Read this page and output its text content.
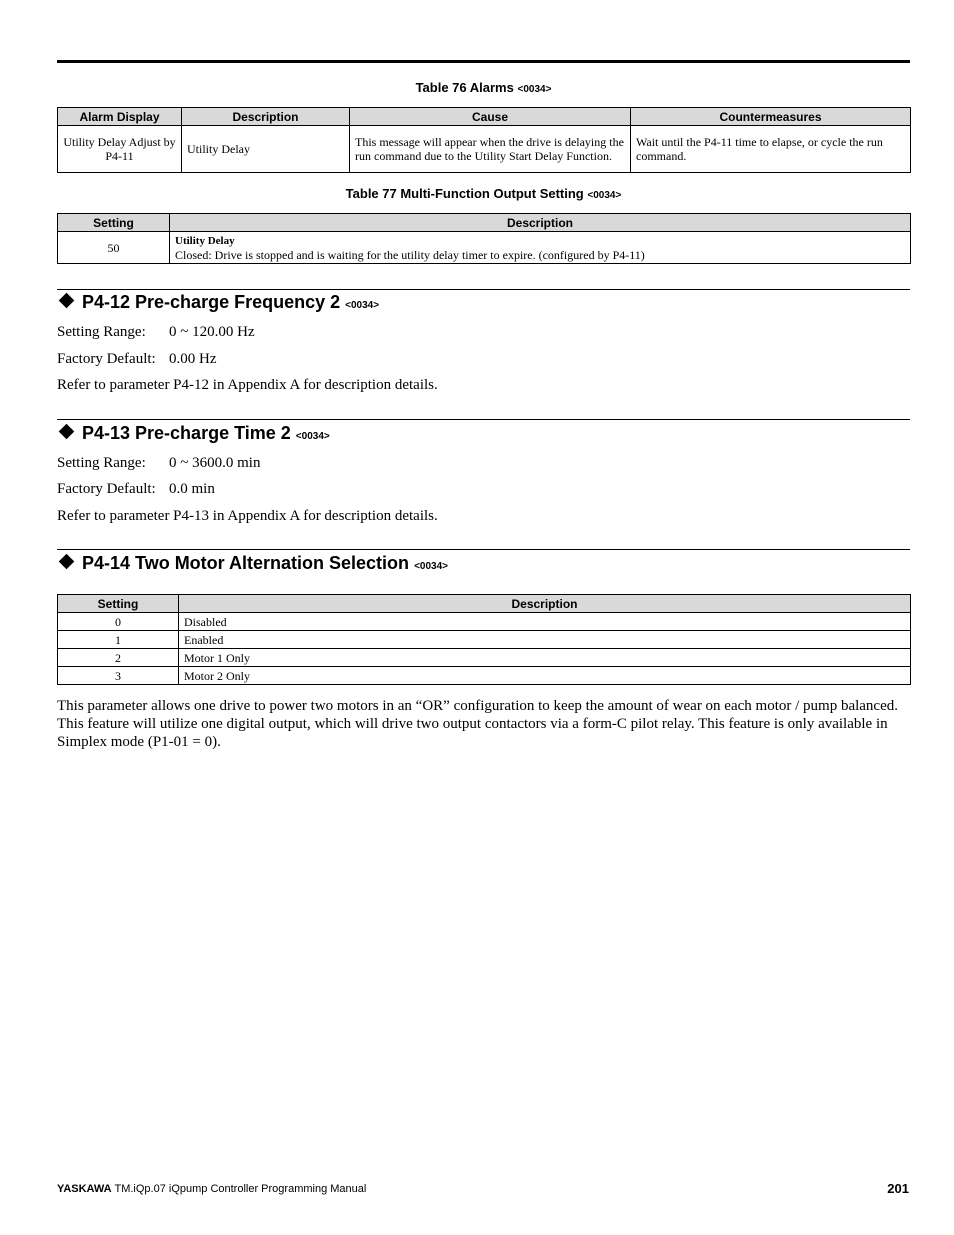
Table 76 Alarms <0034>
Alarm Display	Description	Cause	Countermeasures
Utility Delay Adjust by P4-11	Utility Delay	This message will appear when the drive is delaying the run command due to the Utility Start Delay Function.	Wait until the P4-11 time to elapse, or cycle the run command.
Table 77 Multi-Function Output Setting <0034>
Setting	Description
50	Utility Delay
Closed: Drive is stopped and is waiting for the utility delay timer to expire. (configured by P4-11)
P4-12 Pre-charge Frequency 2 <0034>
Setting Range: 0 ~ 120.00 Hz
Factory Default: 0.00 Hz
Refer to parameter P4-12 in Appendix A for description details.
P4-13 Pre-charge Time 2 <0034>
Setting Range: 0 ~ 3600.0 min
Factory Default: 0.0 min
Refer to parameter P4-13 in Appendix A for description details.
P4-14 Two Motor Alternation Selection <0034>
Setting	Description
0	Disabled
1	Enabled
2	Motor 1 Only
3	Motor 2 Only
This parameter allows one drive to power two motors in an “OR” configuration to keep the amount of wear on each motor / pump balanced. This feature will utilize one digital output, which will drive two output contactors via a form-C pilot relay. This feature is only available in Simplex mode (P1-01 = 0).
YASKAWA TM.iQp.07 iQpump Controller Programming Manual	201
